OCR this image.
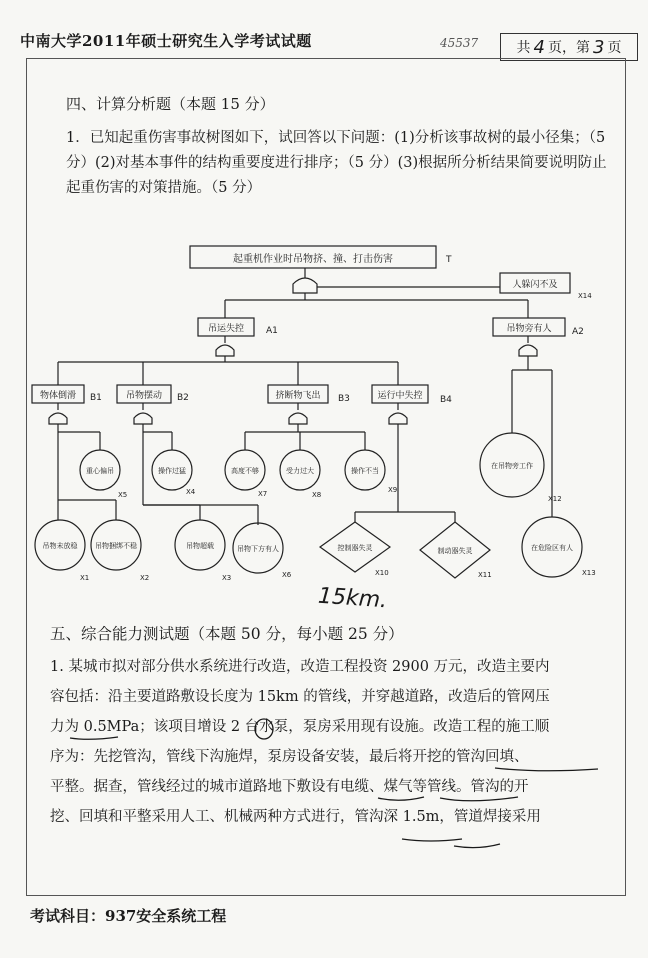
中南大学2011年硕士研究生入学考试试题	45537	共 4 页，第 3 页
四、计算分析题（本题 15 分）

1．已知起重伤害事故树图如下，试回答以下问题：(1)分析该事故树的最小径集；（5 分）(2)对基本事件的结构重要度进行排序；（5 分）(3)根据所分析结果简要说明防止起重伤害的对策措施。（5 分）

起重机作业时吊物挤、撞、打击伤害	T
人躲闪不及
X14
吊运失控 A1	吊物旁有人 A2
物体倒滑 B1	吊物摆动 B2	挤断物飞出 B3	运行中失控 B4
重心偏吊	操作过猛	高度不够	受力过大	操作不当
在吊物旁工作
吊物未放稳	吊物捆绑不稳	吊物超载	吊物下方有人	在危险区有人
控制器失灵	制动器失灵
X5	X4	X7	X8
X9
X12
X1	X2	X3	X6	X13
X10	X11
15km.
五、综合能力测试题（本题 50 分，每小题 25 分）

1. 某城市拟对部分供水系统进行改造，改造工程投资 2900 万元，改造主要内

容包括：沿主要道路敷设长度为 15km 的管线，并穿越道路，改造后的管网压

力为 0.5MPa；该项目增设 2 台水泵，泵房采用现有设施。改造工程的施工顺

序为：先挖管沟，管线下沟施焊，泵房设备安装，最后将开挖的管沟回填、

平整。据查，管线经过的城市道路地下敷设有电缆、煤气等管线。管沟的开

挖、回填和平整采用人工、机械两种方式进行，管沟深 1.5m，管道焊接采用

考试科目：937安全系统工程
